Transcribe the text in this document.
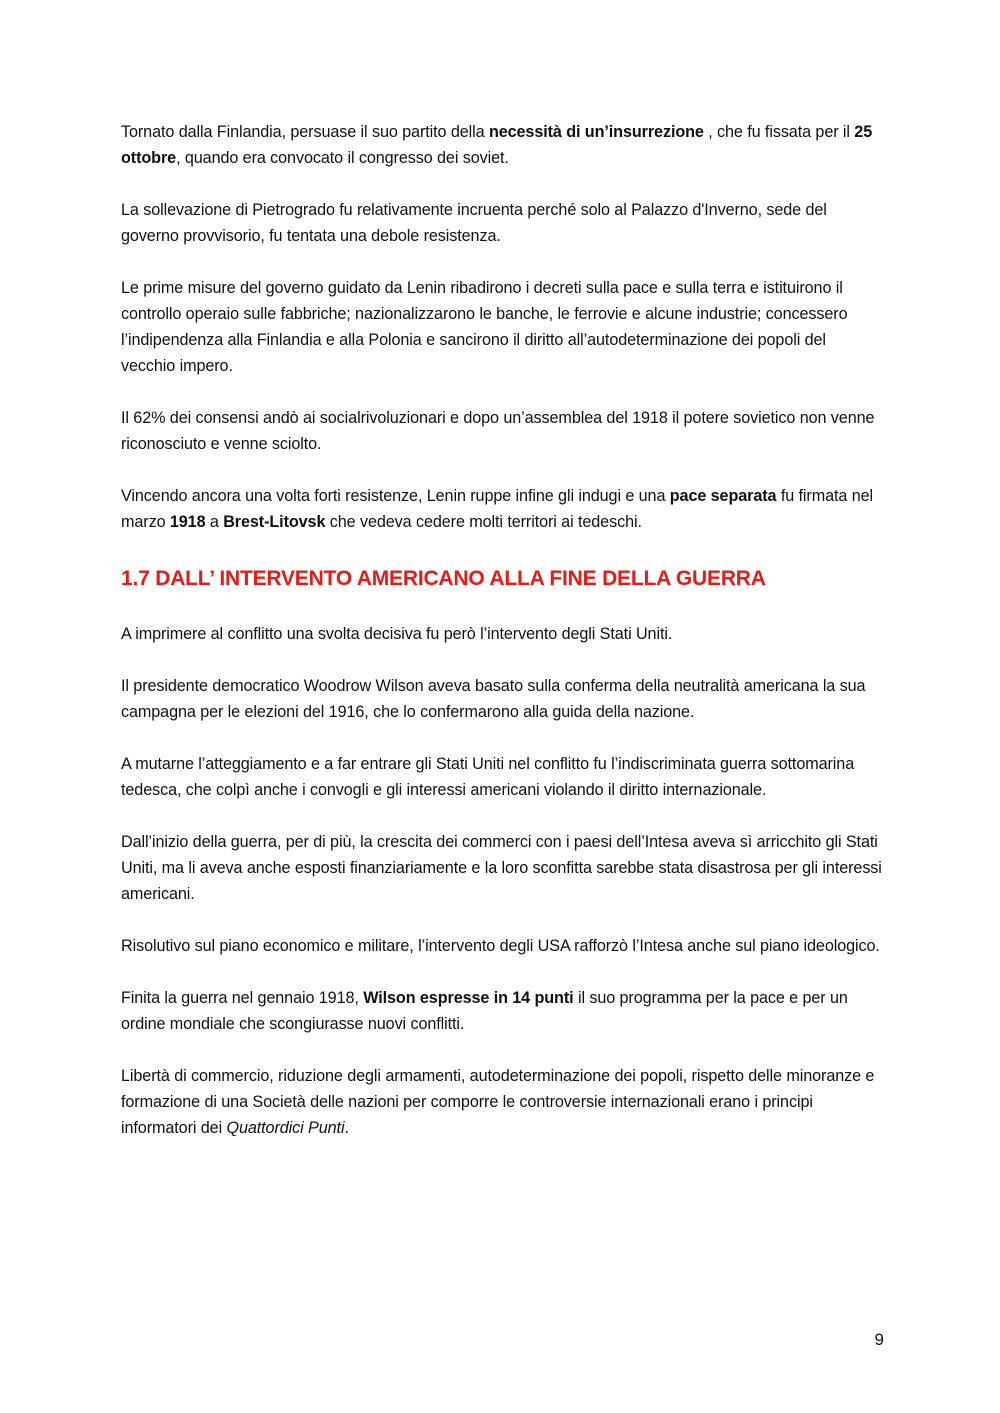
Tornato dalla Finlandia, persuase il suo partito della necessità di un’insurrezione , che fu fissata per il 25 ottobre, quando era convocato il congresso dei soviet.

La sollevazione di Pietrogrado fu relativamente incruenta perché solo al Palazzo d'Inverno, sede del governo provvisorio, fu tentata una debole resistenza.

Le prime misure del governo guidato da Lenin ribadirono i decreti sulla pace e sulla terra e istituirono il controllo operaio sulle fabbriche; nazionalizzarono le banche, le ferrovie e alcune industrie; concessero l’indipendenza alla Finlandia e alla Polonia e sancirono il diritto all’autodeterminazione dei popoli del vecchio impero.

Il 62% dei consensi andò ai socialrivoluzionari e dopo un’assemblea del 1918 il potere sovietico non venne riconosciuto e venne sciolto.

Vincendo ancora una volta forti resistenze, Lenin ruppe infine gli indugi e una pace separata fu firmata nel marzo 1918 a Brest-Litovsk che vedeva cedere molti territori ai tedeschi.

1.7 DALL’ INTERVENTO AMERICANO ALLA FINE DELLA GUERRA

A imprimere al conflitto una svolta decisiva fu però l’intervento degli Stati Uniti.

Il presidente democratico Woodrow Wilson aveva basato sulla conferma della neutralità americana la sua campagna per le elezioni del 1916, che lo confermarono alla guida della nazione.

A mutarne l’atteggiamento e a far entrare gli Stati Uniti nel conflitto fu l’indiscriminata guerra sottomarina tedesca, che colpì anche i convogli e gli interessi americani violando il diritto internazionale.

Dall’inizio della guerra, per di più, la crescita dei commerci con i paesi dell’Intesa aveva sì arricchito gli Stati Uniti, ma li aveva anche esposti finanziariamente e la loro sconfitta sarebbe stata disastrosa per gli interessi americani.

Risolutivo sul piano economico e militare, l’intervento degli USA rafforzò l’Intesa anche sul piano ideologico.

Finita la guerra nel gennaio 1918, Wilson espresse in 14 punti il suo programma per la pace e per un ordine mondiale che scongiurasse nuovi conflitti.

Libertà di commercio, riduzione degli armamenti, autodeterminazione dei popoli, rispetto delle minoranze e formazione di una Società delle nazioni per comporre le controversie internazionali erano i principi informatori dei Quattordici Punti.

9
